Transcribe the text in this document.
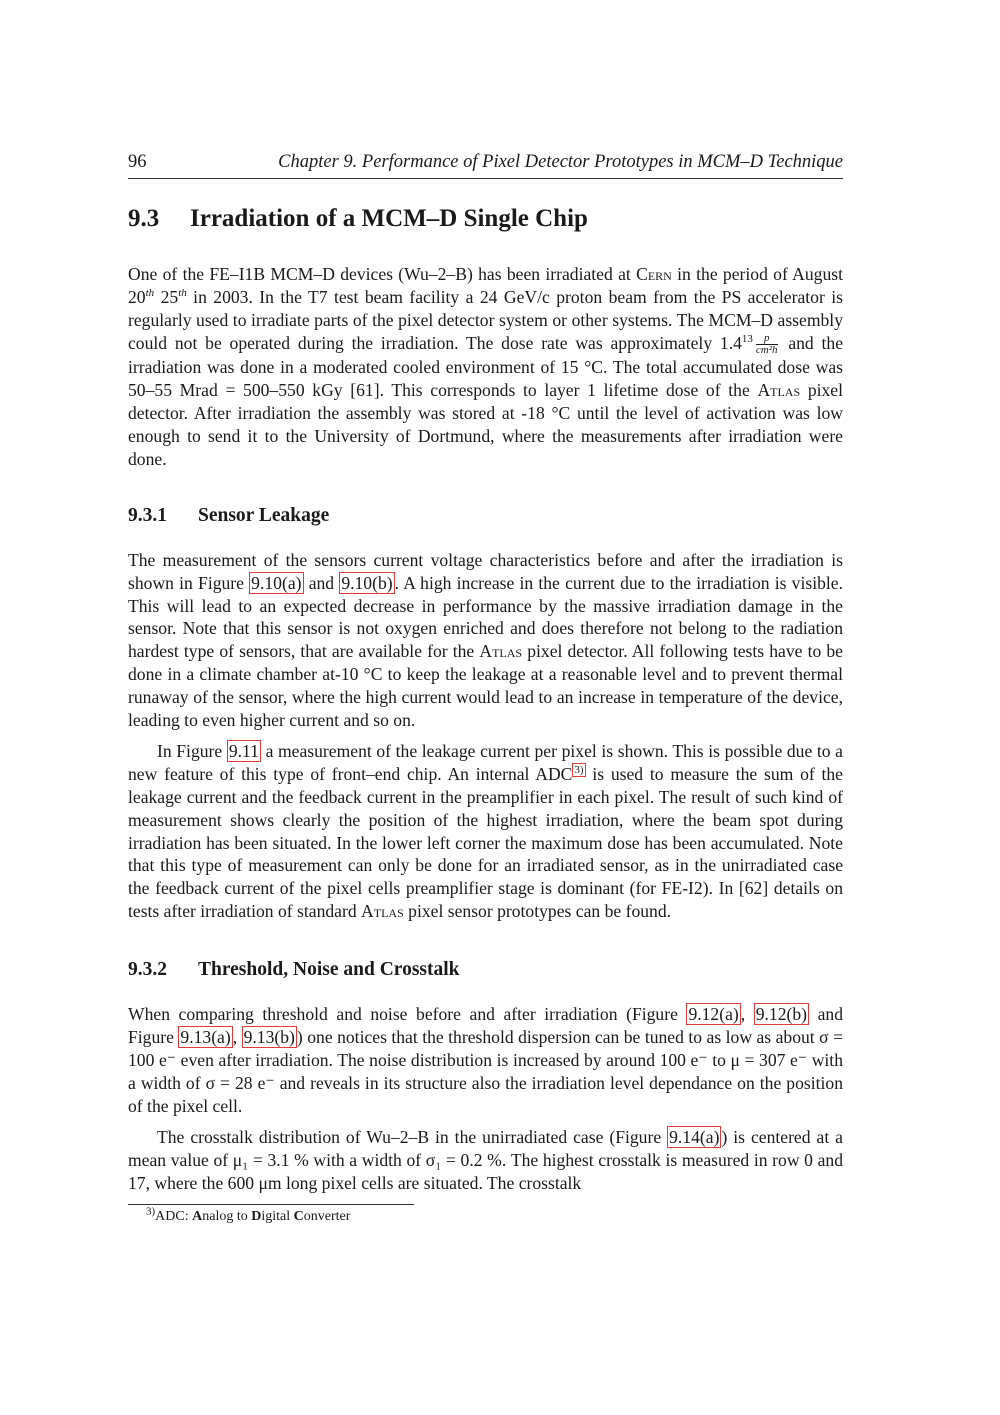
96	Chapter 9. Performance of Pixel Detector Prototypes in MCM–D Technique
9.3	Irradiation of a MCM–D Single Chip

One of the FE–I1B MCM–D devices (Wu–2–B) has been irradiated at Cern in the period of August 20th 25th in 2003. In the T7 test beam facility a 24 GeV/c proton beam from the PS accelerator is regularly used to irradiate parts of the pixel detector system or other systems. The MCM–D assembly could not be operated during the irradiation. The dose rate was approximately $1.4^{13} \frac{p}{\text{cm²h}}$ and the irradiation was done in a moderated cooled environment of 15 °C. The total accumulated dose was 50–55 Mrad = 500–550 kGy [61]. This corresponds to layer 1 lifetime dose of the Atlas pixel detector. After irradiation the assembly was stored at -18 °C until the level of activation was low enough to send it to the University of Dortmund, where the measurements after irradiation were done.

9.3.1	Sensor Leakage

The measurement of the sensors current voltage characteristics before and after the irradiation is shown in Figure 9.10(a) and 9.10(b) . A high increase in the current due to the irradiation is visible. This will lead to an expected decrease in performance by the massive irradiation damage in the sensor. Note that this sensor is not oxygen enriched and does therefore not belong to the radiation hardest type of sensors, that are available for the Atlas pixel detector. All following tests have to be done in a climate chamber at-10 °C to keep the leakage at a reasonable level and to prevent thermal runaway of the sensor, where the high current would lead to an increase in temperature of the device, leading to even higher current and so on.

In Figure 9.11 a measurement of the leakage current per pixel is shown. This is possible due to a new feature of this type of front–end chip. An internal ADC $^{3)}$ is used to measure the sum of the leakage current and the feedback current in the preamplifier in each pixel. The result of such kind of measurement shows clearly the position of the highest irradiation, where the beam spot during irradiation has been situated. In the lower left corner the maximum dose has been accumulated. Note that this type of measurement can only be done for an irradiated sensor, as in the unirradiated case the feedback current of the pixel cells preamplifier stage is dominant (for FE-I2). In [62] details on tests after irradiation of standard Atlas pixel sensor prototypes can be found.

9.3.2	Threshold, Noise and Crosstalk

When comparing threshold and noise before and after irradiation (Figure 9.12(a) , 9.12(b) and Figure 9.13(a) , 9.13(b) ) one notices that the threshold dispersion can be tuned to as low as about σ = 100 e⁻ even after irradiation. The noise distribution is increased by around 100 e⁻ to μ = 307 e⁻ with a width of σ = 28 e⁻ and reveals in its structure also the irradiation level dependance on the position of the pixel cell.

The crosstalk distribution of Wu–2–B in the unirradiated case (Figure 9.14(a) ) is centered at a mean value of μ₁ = 3.1 % with a width of σ₁ = 0.2 %. The highest crosstalk is measured in row 0 and 17, where the 600 μm long pixel cells are situated. The crosstalk

$^{3)}$ADC: Analog to Digital Converter
